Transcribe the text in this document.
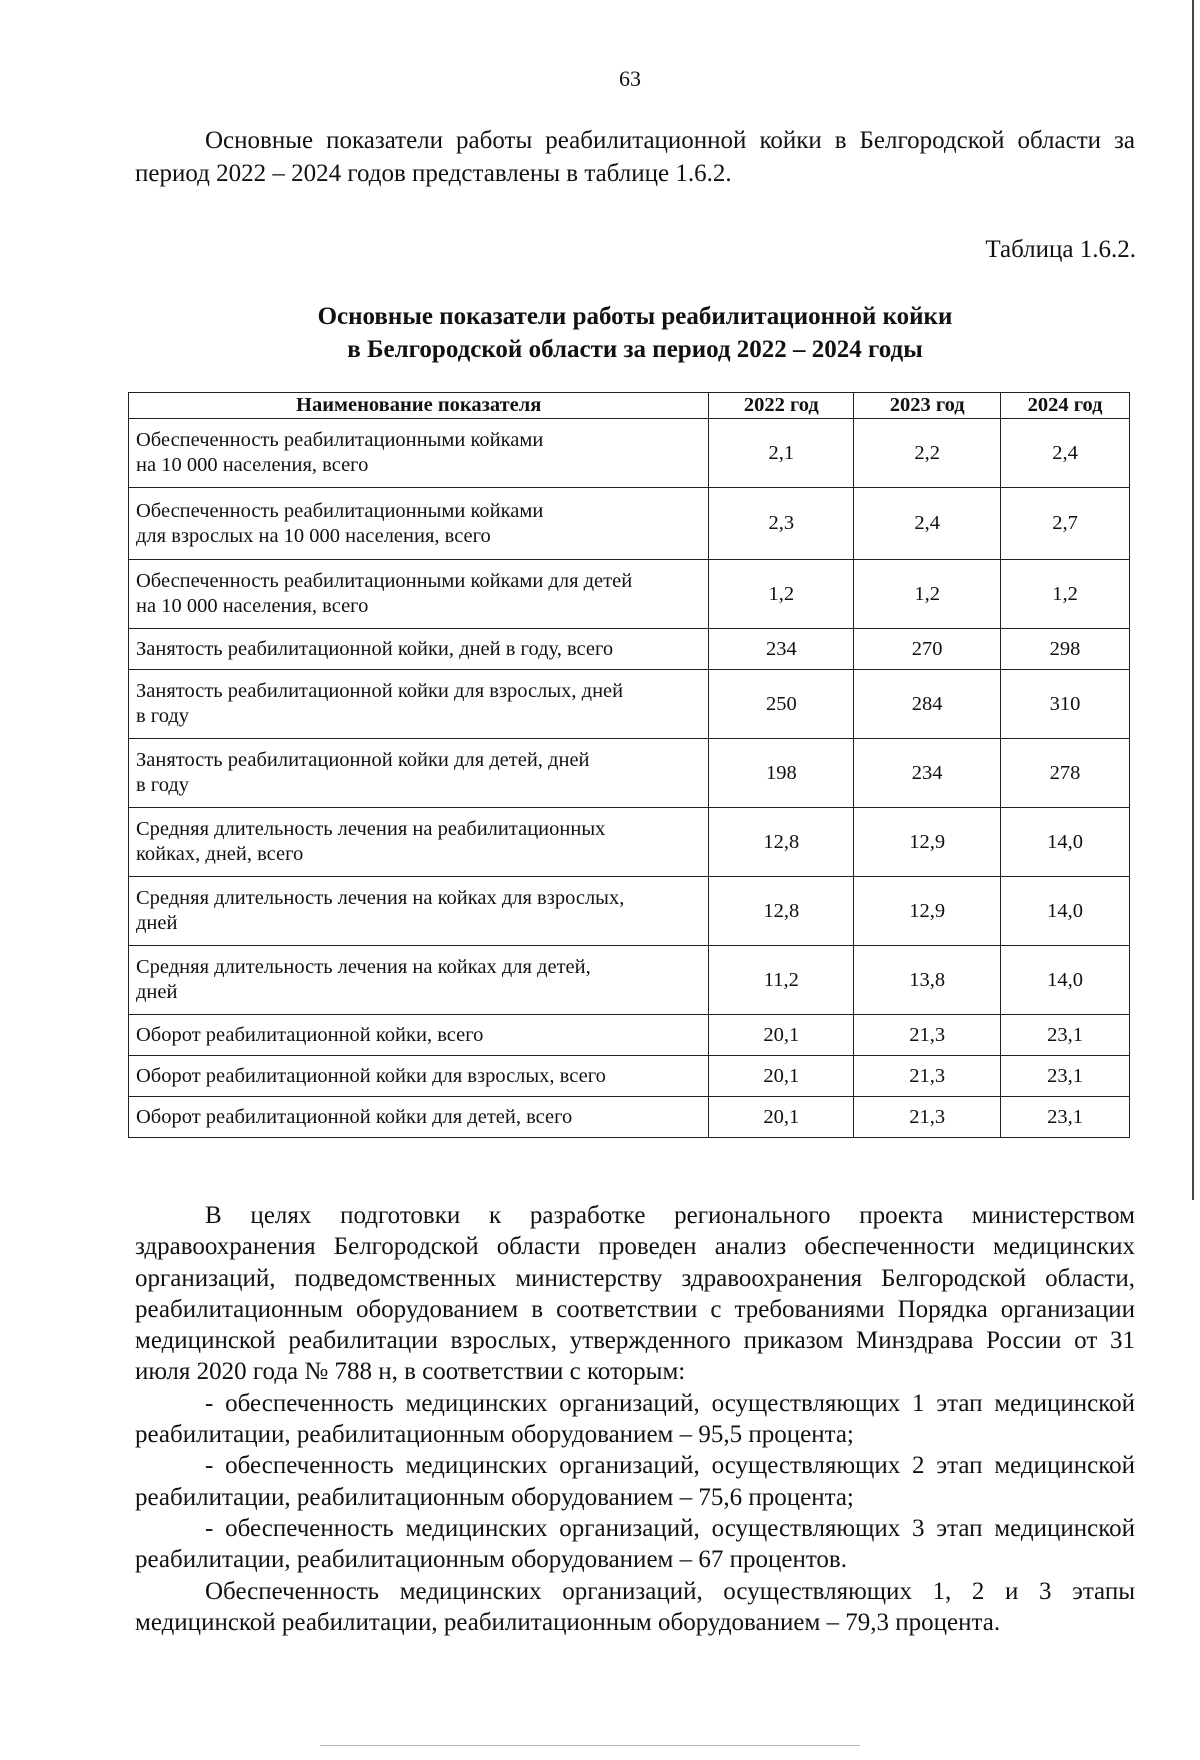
63

Основные показатели работы реабилитационной койки в Белгородской области за период 2022 – 2024 годов представлены в таблице 1.6.2.

Таблица 1.6.2.
Основные показатели работы реабилитационной койки
в Белгородской области за период 2022 – 2024 годы
Наименование показателя	2022 год	2023 год	2024 год
Обеспеченность реабилитационными койками
на 10 000 населения, всего	2,1	2,2	2,4
Обеспеченность реабилитационными койками
для взрослых на 10 000 населения, всего	2,3	2,4	2,7
Обеспеченность реабилитационными койками для детей
на 10 000 населения, всего	1,2	1,2	1,2
Занятость реабилитационной койки, дней в году, всего	234	270	298
Занятость реабилитационной койки для взрослых, дней
в году	250	284	310
Занятость реабилитационной койки для детей, дней
в году	198	234	278
Средняя длительность лечения на реабилитационных
койках, дней, всего	12,8	12,9	14,0
Средняя длительность лечения на койках для взрослых,
дней	12,8	12,9	14,0
Средняя длительность лечения на койках для детей,
дней	11,2	13,8	14,0
Оборот реабилитационной койки, всего	20,1	21,3	23,1
Оборот реабилитационной койки для взрослых, всего	20,1	21,3	23,1
Оборот реабилитационной койки для детей, всего	20,1	21,3	23,1

В целях подготовки к разработке регионального проекта министерством здравоохранения Белгородской области проведен анализ обеспеченности медицинских организаций, подведомственных министерству здравоохранения Белгородской области, реабилитационным оборудованием в соответствии с требованиями Порядка организации медицинской реабилитации взрослых, утвержденного приказом Минздрава России от 31 июля 2020 года № 788 н, в соответствии с которым:

- обеспеченность медицинских организаций, осуществляющих 1 этап медицинской реабилитации, реабилитационным оборудованием – 95,5 процента;

- обеспеченность медицинских организаций, осуществляющих 2 этап медицинской реабилитации, реабилитационным оборудованием – 75,6 процента;

- обеспеченность медицинских организаций, осуществляющих 3 этап медицинской реабилитации, реабилитационным оборудованием – 67 процентов.

Обеспеченность медицинских организаций, осуществляющих 1, 2 и 3 этапы медицинской реабилитации, реабилитационным оборудованием – 79,3 процента.
